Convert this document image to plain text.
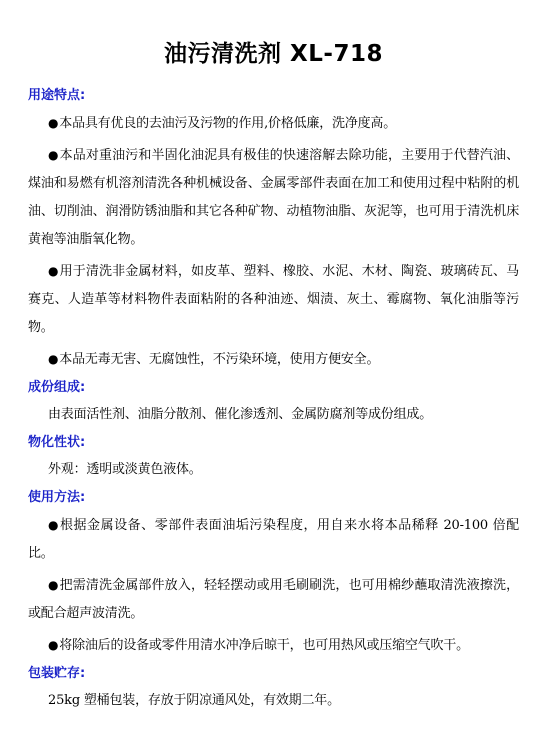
油污清洗剂 XL-718
用途特点:

●本品具有优良的去油污及污物的作用,价格低廉，洗净度高。

●本品对重油污和半固化油泥具有极佳的快速溶解去除功能，主要用于代替汽油、煤油和易燃有机溶剂清洗各种机械设备、金属零部件表面在加工和使用过程中粘附的机油、切削油、润滑防锈油脂和其它各种矿物、动植物油脂、灰泥等，也可用于清洗机床黄袍等油脂氧化物。

●用于清洗非金属材料，如皮革、塑料、橡胶、水泥、木材、陶瓷、玻璃砖瓦、马赛克、人造革等材料物件表面粘附的各种油迹、烟渍、灰土、霉腐物、氧化油脂等污物。

●本品无毒无害、无腐蚀性，不污染环境，使用方便安全。

成份组成:

由表面活性剂、油脂分散剂、催化渗透剂、金属防腐剂等成份组成。

物化性状:

外观：透明或淡黄色液体。

使用方法:

●根据金属设备、零部件表面油垢污染程度，用自来水将本品稀释 20-100 倍配比。

●把需清洗金属部件放入，轻轻摆动或用毛刷刷洗，也可用棉纱蘸取清洗液擦洗，或配合超声波清洗。

●将除油后的设备或零件用清水冲净后晾干，也可用热风或压缩空气吹干。

包装贮存:

25kg 塑桶包装，存放于阴凉通风处，有效期二年。
